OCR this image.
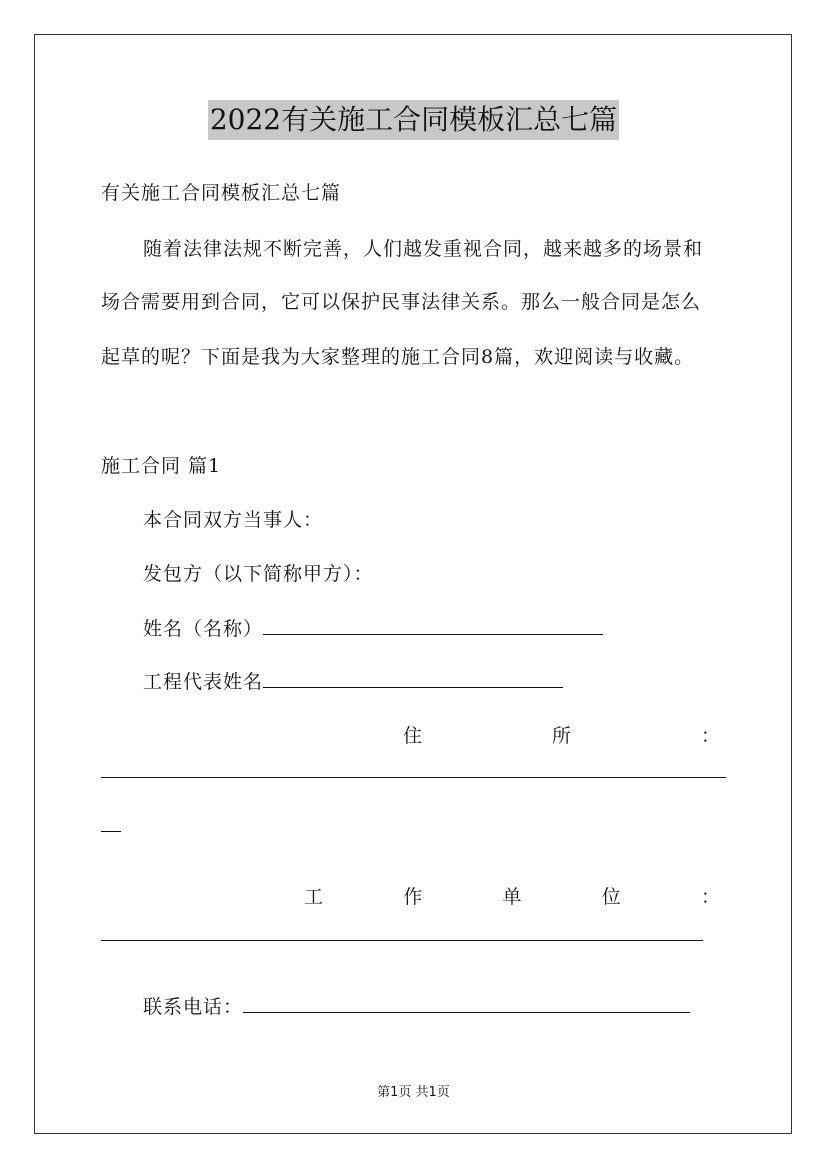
2022有关施工合同模板汇总七篇
有关施工合同模板汇总七篇
随着法律法规不断完善，人们越发重视合同，越来越多的场景和
场合需要用到合同，它可以保护民事法律关系。那么一般合同是怎么
起草的呢？下面是我为大家整理的施工合同8篇，欢迎阅读与收藏。
施工合同 篇1
本合同双方当事人：
发包方（以下简称甲方）：
姓名（名称）
工程代表姓名
住	所	：
工	作	单	位	：
联系电话：
第1页 共1页
